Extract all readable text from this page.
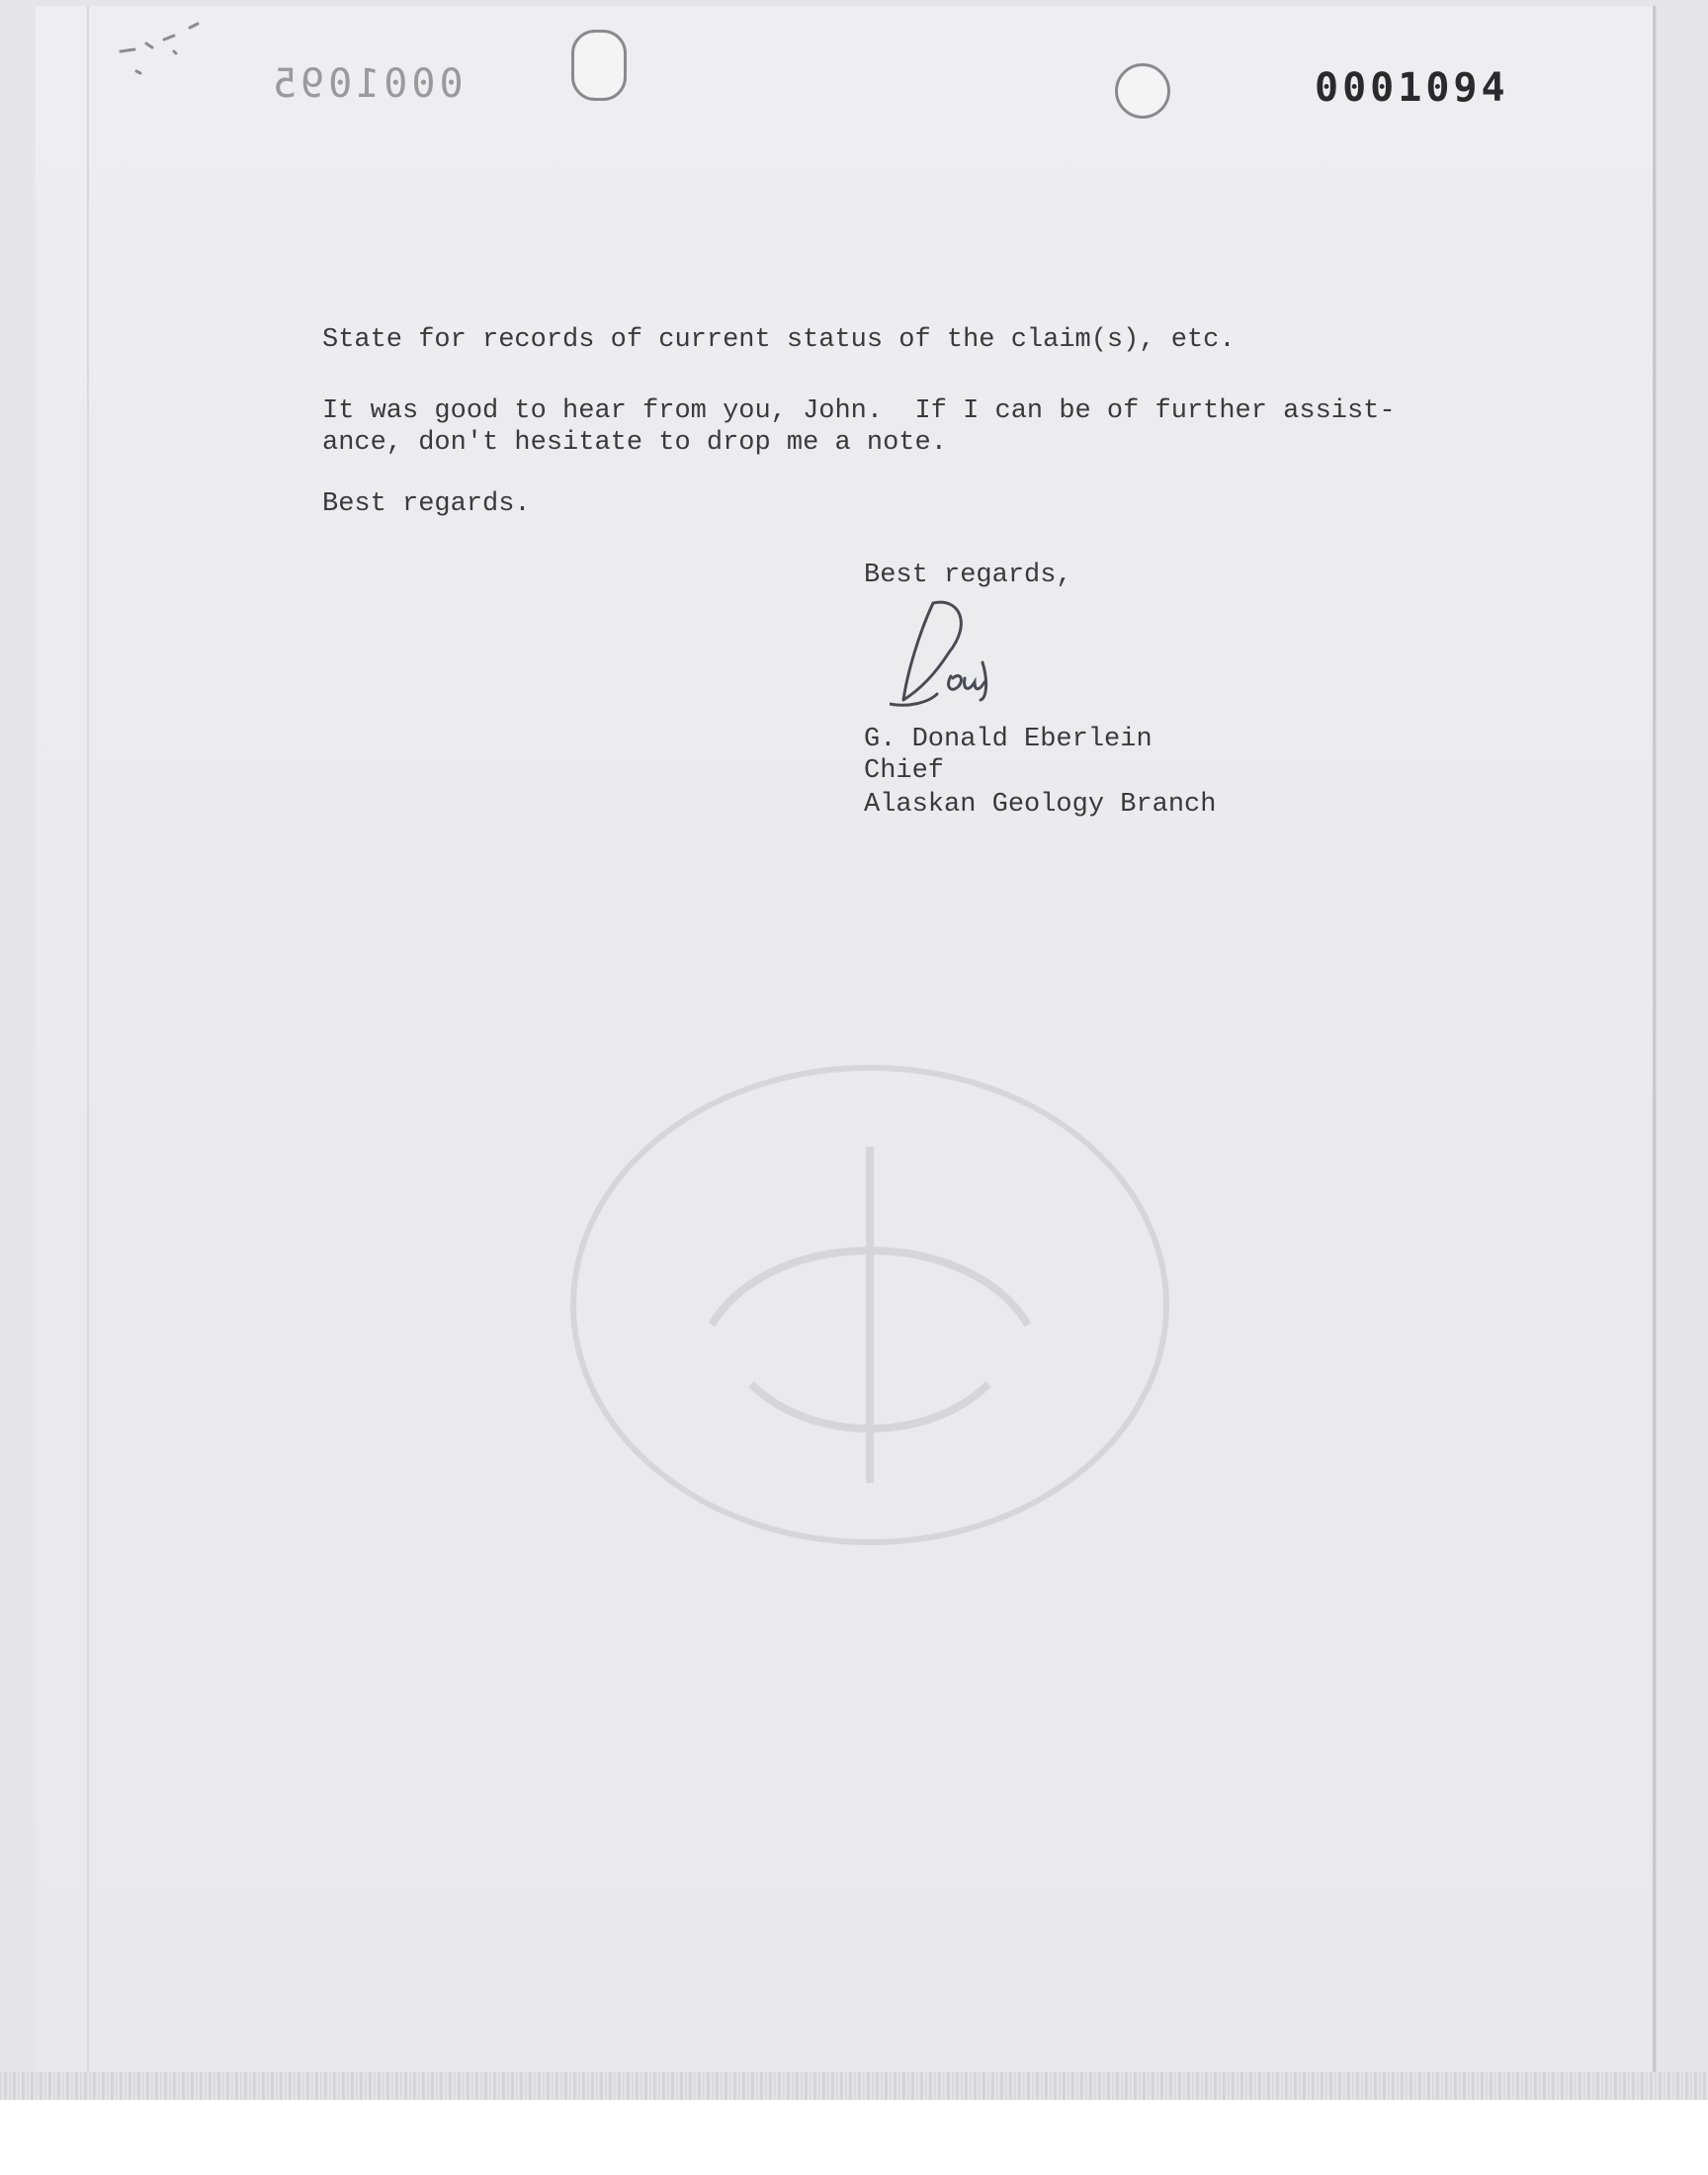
0001095	0001094
State for records of current status of the claim(s), etc.
It was good to hear from you, John.  If I can be of further assist-
ance, don't hesitate to drop me a note.
Best regards.
Best regards,
G. Donald Eberlein
Chief
Alaskan Geology Branch
